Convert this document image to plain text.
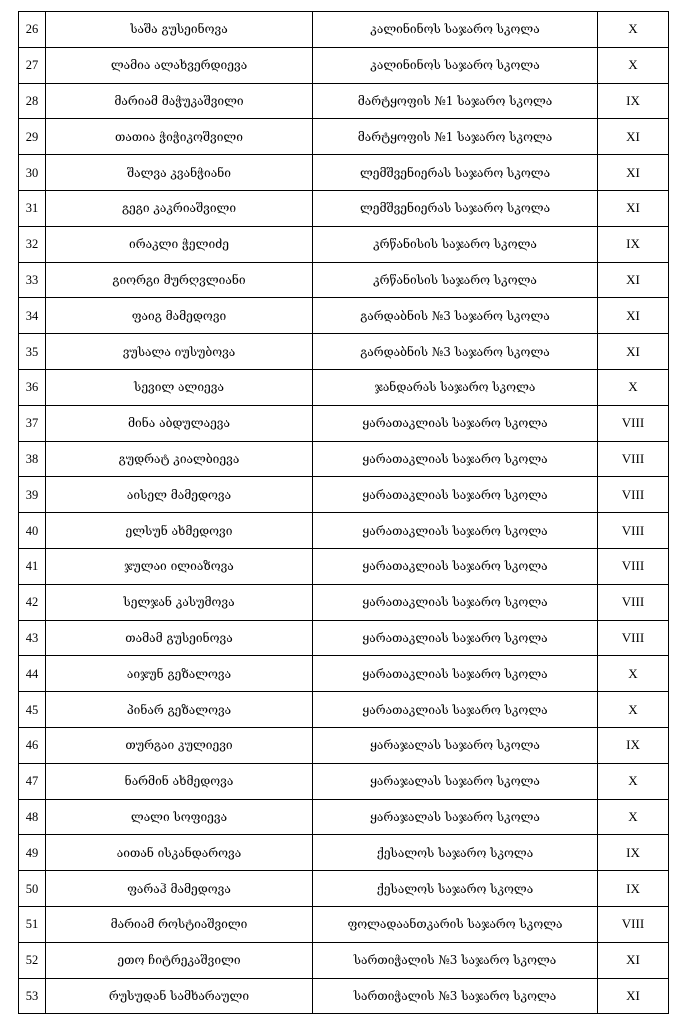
26	საშა გუსეინოვა	კალინინოს საჯარო სკოლა	X
27	ლამია ალახვერდიევა	კალინინოს საჯარო სკოლა	X
28	მარიამ მაჭუკაშვილი	მარტყოფის №1 საჯარო სკოლა	IX
29	თათია ჭიჭიკოშვილი	მარტყოფის №1 საჯარო სკოლა	XI
30	შალვა კვანჭიანი	ლემშვენიერას საჯარო სკოლა	XI
31	გეგი კაკრიაშვილი	ლემშვენიერას საჯარო სკოლა	XI
32	ირაკლი ჭელიძე	კრწანისის საჯარო სკოლა	IX
33	გიორგი მურღვლიანი	კრწანისის საჯარო სკოლა	XI
34	ფაიგ მამედოვი	გარდაბნის №3 საჯარო სკოლა	XI
35	ვუსალა იუსუბოვა	გარდაბნის №3 საჯარო სკოლა	XI
36	სევილ ალიევა	ჯანდარას საჯარო სკოლა	X
37	მინა აბდულაევა	ყარათაკლიას საჯარო სკოლა	VIII
38	გუდრატ კიალბიევა	ყარათაკლიას საჯარო სკოლა	VIII
39	აისელ მამედოვა	ყარათაკლიას საჯარო სკოლა	VIII
40	ელსუნ ახმედოვი	ყარათაკლიას საჯარო სკოლა	VIII
41	ჯულაი ილიაზოვა	ყარათაკლიას საჯარო სკოლა	VIII
42	სელჯან კასუმოვა	ყარათაკლიას საჯარო სკოლა	VIII
43	თამამ გუსეინოვა	ყარათაკლიას საჯარო სკოლა	VIII
44	აიჯუნ გეზალოვა	ყარათაკლიას საჯარო სკოლა	X
45	პინარ გეზალოვა	ყარათაკლიას საჯარო სკოლა	X
46	თურგაი კულიევი	ყარაჯალას საჯარო სკოლა	IX
47	ნარმინ ახმედოვა	ყარაჯალას საჯარო სკოლა	X
48	ლალი სოფიევა	ყარაჯალას საჯარო სკოლა	X
49	აითან ისკანდაროვა	ქესალოს საჯარო სკოლა	IX
50	ფარაჰ მამედოვა	ქესალოს საჯარო სკოლა	IX
51	მარიამ როსტიაშვილი	ფოლადაანთკარის საჯარო სკოლა	VIII
52	ეთო ჩიტრეკაშვილი	სართიჭალის №3 საჯარო სკოლა	XI
53	რუსუდან სამხარაული	სართიჭალის №3 საჯარო სკოლა	XI
